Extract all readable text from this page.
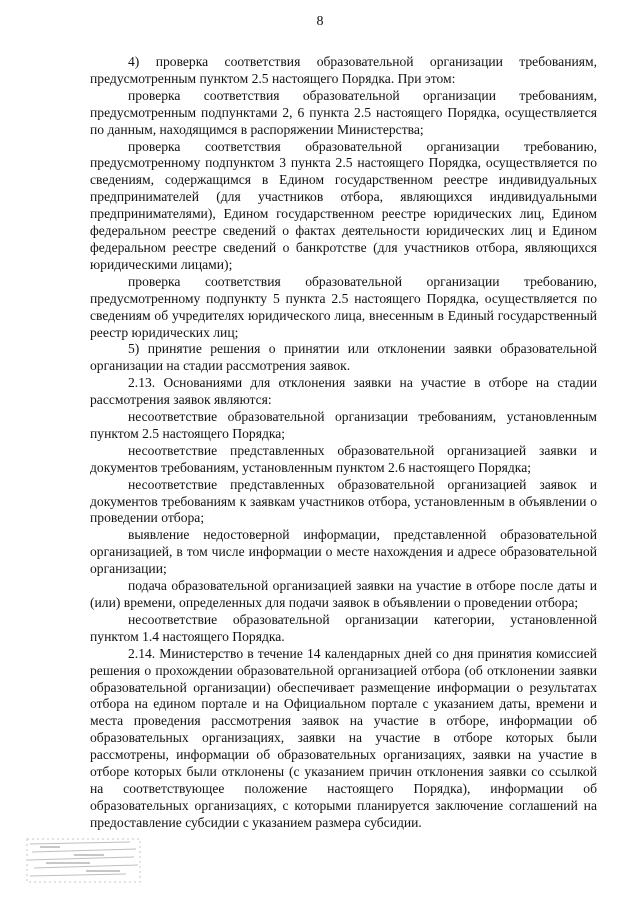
8

4) проверка соответствия образовательной организации требованиям, предусмотренным пунктом 2.5 настоящего Порядка. При этом:

проверка соответствия образовательной организации требованиям, предусмотренным подпунктами 2, 6 пункта 2.5 настоящего Порядка, осуществляется по данным, находящимся в распоряжении Министерства;

проверка соответствия образовательной организации требованию, предусмотренному подпунктом 3 пункта 2.5 настоящего Порядка, осуществляется по сведениям, содержащимся в Едином государственном реестре индивидуальных предпринимателей (для участников отбора, являющихся индивидуальными предпринимателями), Едином государственном реестре юридических лиц, Едином федеральном реестре сведений о фактах деятельности юридических лиц и Едином федеральном реестре сведений о банкротстве (для участников отбора, являющихся юридическими лицами);

проверка соответствия образовательной организации требованию, предусмотренному подпункту 5 пункта 2.5 настоящего Порядка, осуществляется по сведениям об учредителях юридического лица, внесенным в Единый государственный реестр юридических лиц;

5) принятие решения о принятии или отклонении заявки образовательной организации на стадии рассмотрения заявок.

2.13. Основаниями для отклонения заявки на участие в отборе на стадии рассмотрения заявок являются:

несоответствие образовательной организации требованиям, установленным пунктом 2.5 настоящего Порядка;

несоответствие представленных образовательной организацией заявки и документов требованиям, установленным пунктом 2.6 настоящего Порядка;

несоответствие представленных образовательной организацией заявок и документов требованиям к заявкам участников отбора, установленным в объявлении о проведении отбора;

выявление недостоверной информации, представленной образовательной организацией, в том числе информации о месте нахождения и адресе образовательной организации;

подача образовательной организацией заявки на участие в отборе после даты и (или) времени, определенных для подачи заявок в объявлении о проведении отбора;

несоответствие образовательной организации категории, установленной пунктом 1.4 настоящего Порядка.

2.14. Министерство в течение 14 календарных дней со дня принятия комиссией решения о прохождении образовательной организацией отбора (об отклонении заявки образовательной организации) обеспечивает размещение информации о результатах отбора на едином портале и на Официальном портале с указанием даты, времени и места проведения рассмотрения заявок на участие в отборе, информации об образовательных организациях, заявки на участие в отборе которых были рассмотрены, информации об образовательных организациях, заявки на участие в отборе которых были отклонены (с указанием причин отклонения заявки со ссылкой на соответствующее положение настоящего Порядка), информации об образовательных организациях, с которыми планируется заключение соглашений на предоставление субсидии с указанием размера субсидии.
